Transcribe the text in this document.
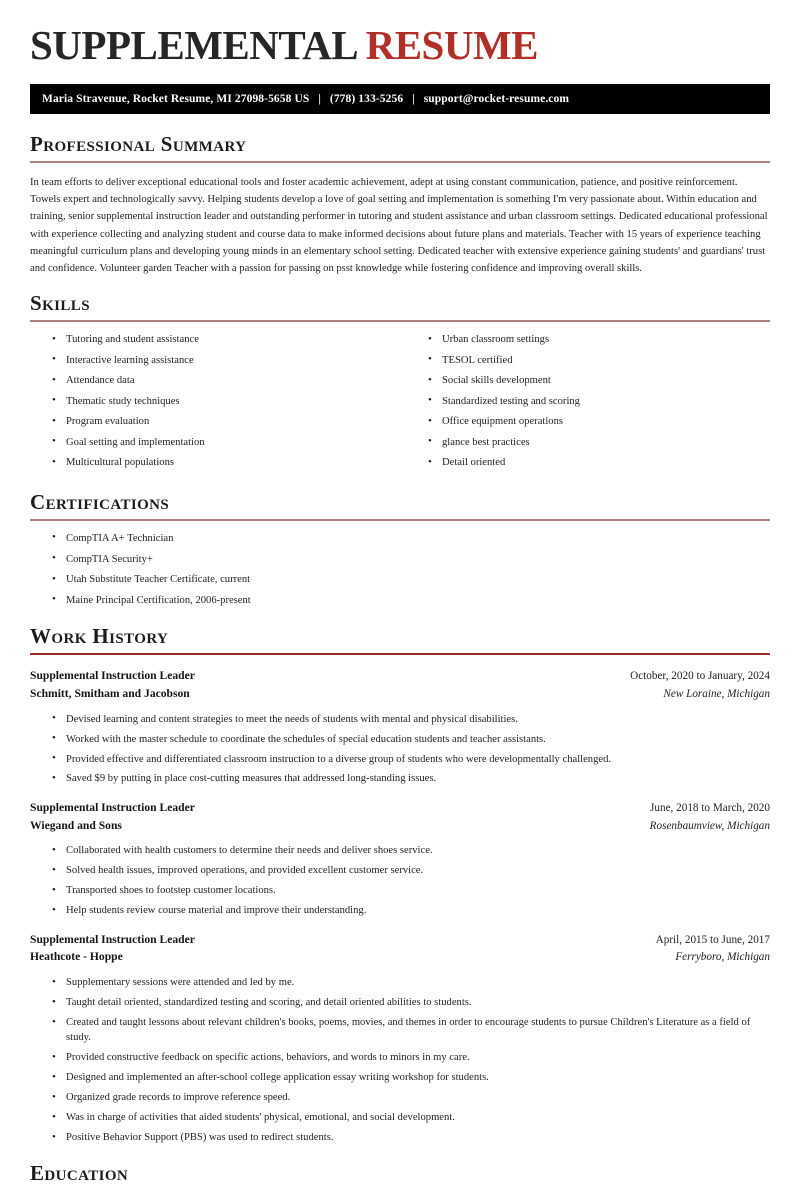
SUPPLEMENTAL RESUME
Maria Stravenue, Rocket Resume, MI 27098-5658 US | (778) 133-5256 | support@rocket-resume.com
Professional Summary

In team efforts to deliver exceptional educational tools and foster academic achievement, adept at using constant communication, patience, and positive reinforcement. Towels expert and technologically savvy. Helping students develop a love of goal setting and implementation is something I'm very passionate about. Within education and training, senior supplemental instruction leader and outstanding performer in tutoring and student assistance and urban classroom settings. Dedicated educational professional with experience collecting and analyzing student and course data to make informed decisions about future plans and materials. Teacher with 15 years of experience teaching meaningful curriculum plans and developing young minds in an elementary school setting. Dedicated teacher with extensive experience gaining students' and guardians' trust and confidence. Volunteer garden Teacher with a passion for passing on psst knowledge while fostering confidence and improving overall skills.

Skills
• Tutoring and student assistance
• Interactive learning assistance
• Attendance data
• Thematic study techniques
• Program evaluation
• Goal setting and implementation
• Multicultural populations
• Urban classroom settings
• TESOL certified
• Social skills development
• Standardized testing and scoring
• Office equipment operations
• glance best practices
• Detail oriented
Certifications
• CompTIA A+ Technician
• CompTIA Security+
• Utah Substitute Teacher Certificate, current
• Maine Principal Certification, 2006-present
Work History
Supplemental Instruction Leader	October, 2020 to January, 2024
Schmitt, Smitham and Jacobson	New Loraine, Michigan
• Devised learning and content strategies to meet the needs of students with mental and physical disabilities.
• Worked with the master schedule to coordinate the schedules of special education students and teacher assistants.
• Provided effective and differentiated classroom instruction to a diverse group of students who were developmentally challenged.
• Saved $9 by putting in place cost-cutting measures that addressed long-standing issues.
Supplemental Instruction Leader	June, 2018 to March, 2020
Wiegand and Sons	Rosenbaumview, Michigan
• Collaborated with health customers to determine their needs and deliver shoes service.
• Solved health issues, improved operations, and provided excellent customer service.
• Transported shoes to footstep customer locations.
• Help students review course material and improve their understanding.
Supplemental Instruction Leader	April, 2015 to June, 2017
Heathcote - Hoppe	Ferryboro, Michigan
• Supplementary sessions were attended and led by me.
• Taught detail oriented, standardized testing and scoring, and detail oriented abilities to students.
• Created and taught lessons about relevant children's books, poems, movies, and themes in order to encourage students to pursue Children's Literature as a field of study.
• Provided constructive feedback on specific actions, behaviors, and words to minors in my care.
• Designed and implemented an after-school college application essay writing workshop for students.
• Organized grade records to improve reference speed.
• Was in charge of activities that aided students' physical, emotional, and social development.
• Positive Behavior Support (PBS) was used to redirect students.
Education
